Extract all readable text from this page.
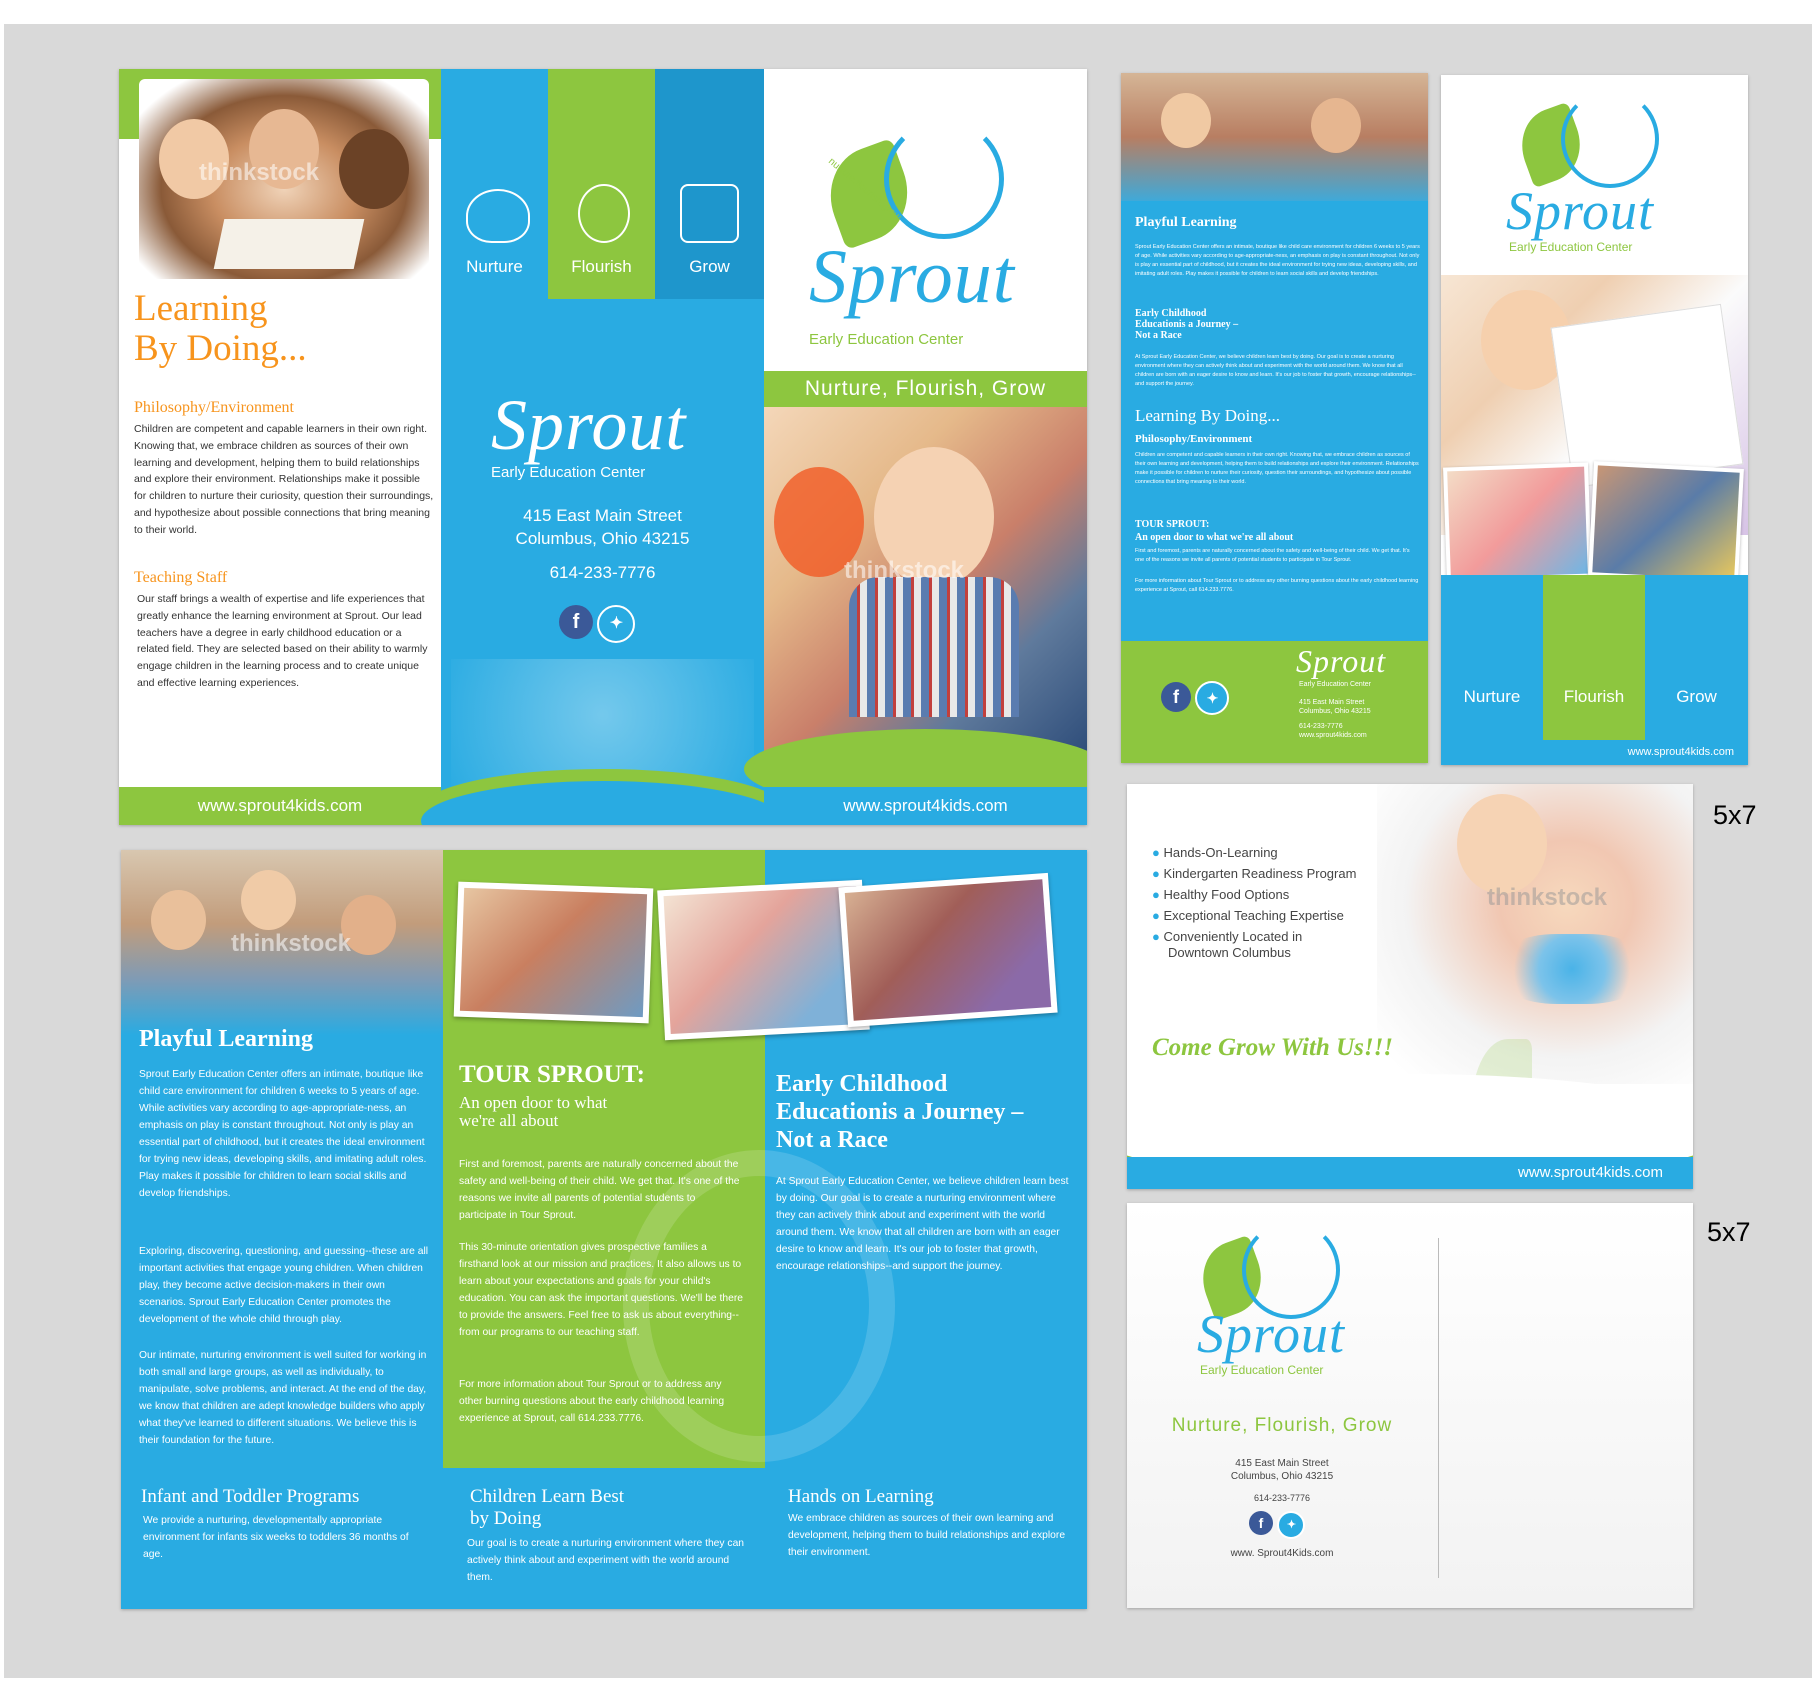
thinkstock
Learning
By Doing...
Philosophy/Environment
Children are competent and capable learners in their own right. Knowing that, we embrace children as sources of their own learning and development, helping them to build relationships and explore their environment. Relationships make it possible for children to nurture their curiosity, question their surroundings, and hypothesize about possible connections that bring meaning to their world.
Teaching Staff
Our staff brings a wealth of expertise and life experiences that greatly enhance the learning environment at Sprout. Our lead teachers have a degree in early childhood education or a related field. They are selected based on their ability to warmly engage children in the learning process and to create unique and effective learning experiences.
www.sprout4kids.com
Nurture	Flourish	Grow
Sprout
Early Education Center
415 East Main Street
Columbus, Ohio 43215
614-233-7776
f ✦
nurture.flourish.grow
Sprout
Early Education Center
Nurture, Flourish, Grow
thinkstock
www.sprout4kids.com
thinkstock
Playful Learning
Sprout Early Education Center offers an intimate, boutique like child care environment for children 6 weeks to 5 years of age. While activities vary according to age-appropriate-ness, an emphasis on play is constant throughout. Not only is play an essential part of childhood, but it creates the ideal environment for trying new ideas, developing skills, and imitating adult roles. Play makes it possible for children to learn social skills and develop friendships.
Exploring, discovering, questioning, and guessing--these are all important activities that engage young children. When children play, they become active decision-makers in their own scenarios. Sprout Early Education Center promotes the development of the whole child through play.
Our intimate, nurturing environment is well suited for working in both small and large groups, as well as individually, to manipulate, solve problems, and interact. At the end of the day, we know that children are adept knowledge builders who apply what they've learned to different situations. We believe this is their foundation for the future.
TOUR SPROUT:
An open door to what
we're all about
First and foremost, parents are naturally concerned about the safety and well-being of their child. We get that. It's one of the reasons we invite all parents of potential students to participate in Tour Sprout.
This 30-minute orientation gives prospective families a firsthand look at our mission and practices. It also allows us to learn about your expectations and goals for your child's education. You can ask the important questions. We'll be there to provide the answers. Feel free to ask us about everything--from our programs to our teaching staff.
For more information about Tour Sprout or to address any other burning questions about the early childhood learning experience at Sprout, call 614.233.7776.
Early Childhood
Educationis a Journey –
Not a Race
At Sprout Early Education Center, we believe children learn best by doing. Our goal is to create a nurturing environment where they can actively think about and experiment with the world around them. We know that all children are born with an eager desire to know and learn. It's our job to foster that growth, encourage relationships--and support the journey.
Infant and Toddler Programs
We provide a nurturing, developmentally appropriate environment for infants six weeks to toddlers 36 months of age.
Children Learn Best
by Doing
Our goal is to create a nurturing environment where they can actively think about and experiment with the world around them.
Hands on Learning
We embrace children as sources of their own learning and development, helping them to build relationships and explore their environment.
Playful Learning
Sprout Early Education Center offers an intimate, boutique like child care environment for children 6 weeks to 5 years of age. While activities vary according to age-appropriate-ness, an emphasis on play is constant throughout. Not only is play an essential part of childhood, but it creates the ideal environment for trying new ideas, developing skills, and imitating adult roles. Play makes it possible for children to learn social skills and develop friendships.
Early Childhood
Educationis a Journey –
Not a Race
At Sprout Early Education Center, we believe children learn best by doing. Our goal is to create a nurturing environment where they can actively think about and experiment with the world around them. We know that all children are born with an eager desire to know and learn. It's our job to foster that growth, encourage relationships--and support the journey.
Learning By Doing...
Philosophy/Environment
Children are competent and capable learners in their own right. Knowing that, we embrace children as sources of their own learning and development, helping them to build relationships and explore their environment. Relationships make it possible for children to nurture their curiosity, question their surroundings, and hypothesize about possible connections that bring meaning to their world.
TOUR SPROUT:
An open door to what we're all about
First and foremost, parents are naturally concerned about the safety and well-being of their child. We get that. It's one of the reasons we invite all parents of potential students to participate in Tour Sprout.
For more information about Tour Sprout or to address any other burning questions about the early childhood learning experience at Sprout, call 614.233.7776.
f ✦
Sprout
Early Education Center
415 East Main Street
Columbus, Ohio 43215
614-233-7776
www.sprout4kids.com
Sprout
Early Education Center
Nurture	Flourish	Grow
www.sprout4kids.com
thinkstock
● Hands-On-Learning
● Kindergarten Readiness Program
● Healthy Food Options
● Exceptional Teaching Expertise
● Conveniently Located in
Downtown Columbus
Come Grow With Us!!!
www.sprout4kids.com
5x7
Sprout
Early Education Center
Nurture, Flourish, Grow
415 East Main Street
Columbus, Ohio 43215
614-233-7776
f ✦
www. Sprout4Kids.com
5x7
